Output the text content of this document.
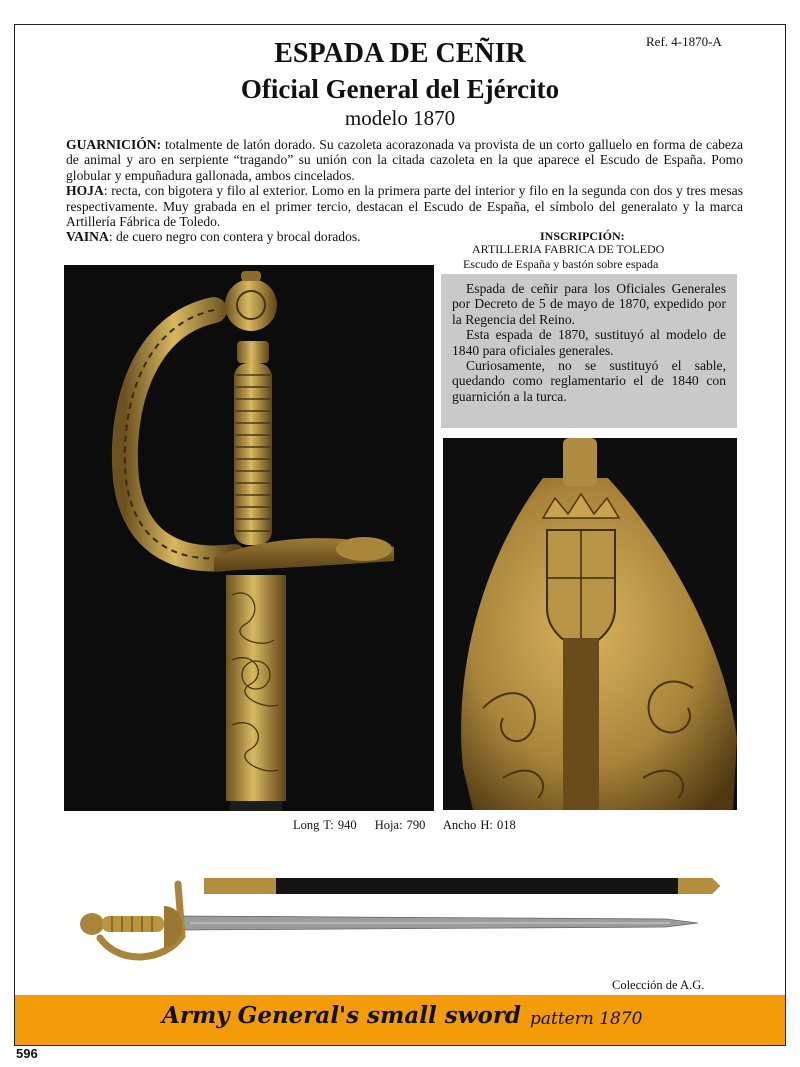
Ref. 4-1870-A
ESPADA DE CEÑIR
Oficial General del Ejército
modelo 1870

GUARNICIÓN: totalmente de latón dorado. Su cazoleta acorazonada va provista de un corto galluelo en forma de cabeza de animal y aro en serpiente “tragando” su unión con la citada cazoleta en la que aparece el Escudo de España. Pomo globular y empuñadura gallonada, ambos cincelados.

HOJA: recta, con bigotera y filo al exterior. Lomo en la primera parte del interior y filo en la segunda con dos y tres mesas respectivamente. Muy grabada en el primer tercio, destacan el Escudo de España, el símbolo del generalato y la marca Artillería Fábrica de Toledo.

VAINA: de cuero negro con contera y brocal dorados.	INSCRIPCIÓN:
ARTILLERIA FABRICA DE TOLEDO
Escudo de España y bastón sobre espada

Espada de ceñir para los Oficiales Generales por Decreto de 5 de mayo de 1870, expedido por la Regencia del Reino.

Esta espada de 1870, sustituyó al modelo de 1840 para oficiales generales.

Curiosamente, no se sustituyó el sable, quedando como reglamentario el de 1840 con guarnición a la turca.

Long T: 940 Hoja: 790 Ancho H: 018
Colección de A.G.
Army General's small sword pattern 1870
596
